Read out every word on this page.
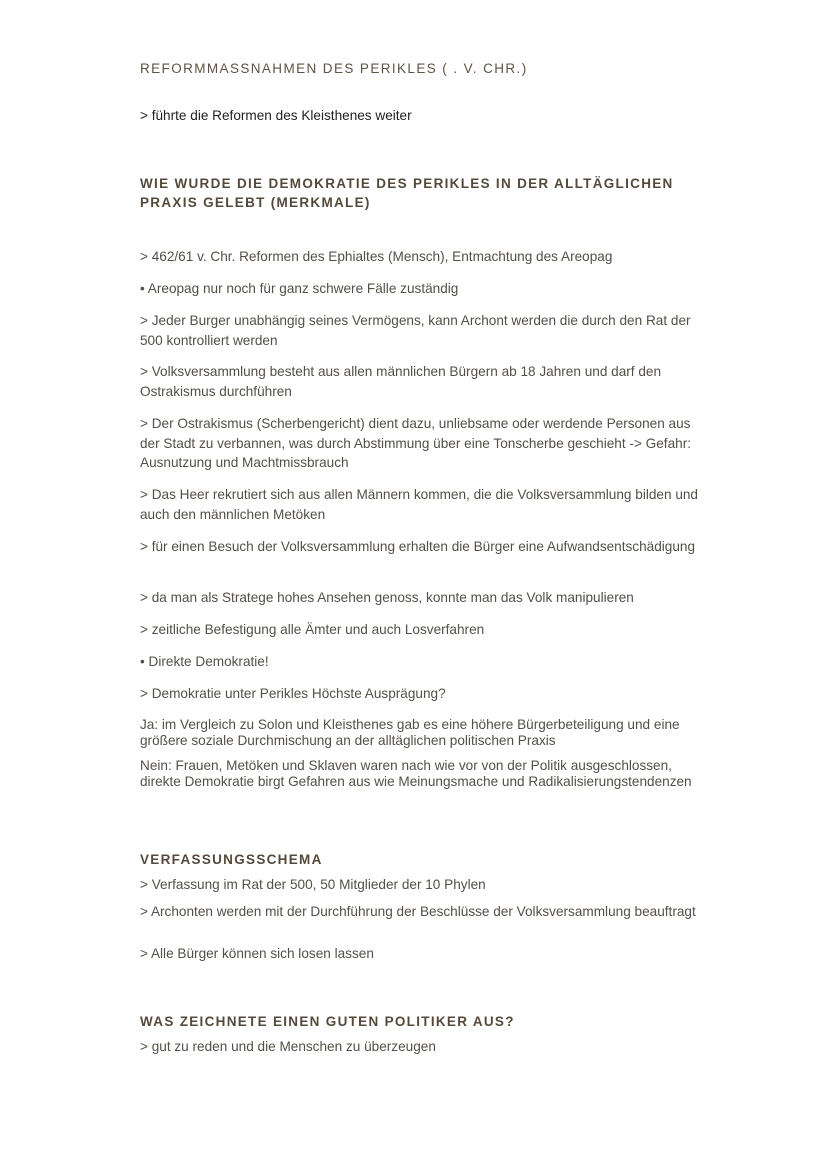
REFORMMASSNAHMEN DES PERIKLES ( . V. CHR.)
> führte die Reformen des Kleisthenes weiter
WIE WURDE DIE DEMOKRATIE DES PERIKLES IN DER ALLTÄGLICHEN PRAXIS GELEBT (MERKMALE)
> 462/61 v. Chr. Reformen des Ephialtes (Mensch), Entmachtung des Areopag
• Areopag nur noch für ganz schwere Fälle zuständig
> Jeder Burger unabhängig seines Vermögens, kann Archont werden die durch den Rat der 500 kontrolliert werden
> Volksversammlung besteht aus allen männlichen Bürgern ab 18 Jahren und darf den Ostrakismus durchführen
> Der Ostrakismus (Scherbengericht) dient dazu, unliebsame oder werdende Personen aus der Stadt zu verbannen, was durch Abstimmung über eine Tonscherbe geschieht -> Gefahr: Ausnutzung und Machtmissbrauch
> Das Heer rekrutiert sich aus allen Männern kommen, die die Volksversammlung bilden und auch den männlichen Metöken
> für einen Besuch der Volksversammlung erhalten die Bürger eine Aufwandsentschädigung
> da man als Stratege hohes Ansehen genoss, konnte man das Volk manipulieren
> zeitliche Befestigung alle Ämter und auch Losverfahren
• Direkte Demokratie!
> Demokratie unter Perikles Höchste Ausprägung?
Ja: im Vergleich zu Solon und Kleisthenes gab es eine höhere Bürgerbeteiligung und eine größere soziale Durchmischung an der alltäglichen politischen Praxis
Nein: Frauen, Metöken und Sklaven waren nach wie vor von der Politik ausgeschlossen, direkte Demokratie birgt Gefahren aus wie Meinungsmache und Radikalisierungstendenzen
VERFASSUNGSSCHEMA
> Verfassung im Rat der 500, 50 Mitglieder der 10 Phylen
> Archonten werden mit der Durchführung der Beschlüsse der Volksversammlung beauftragt
> Alle Bürger können sich losen lassen
WAS ZEICHNETE EINEN GUTEN POLITIKER AUS?
> gut zu reden und die Menschen zu überzeugen
